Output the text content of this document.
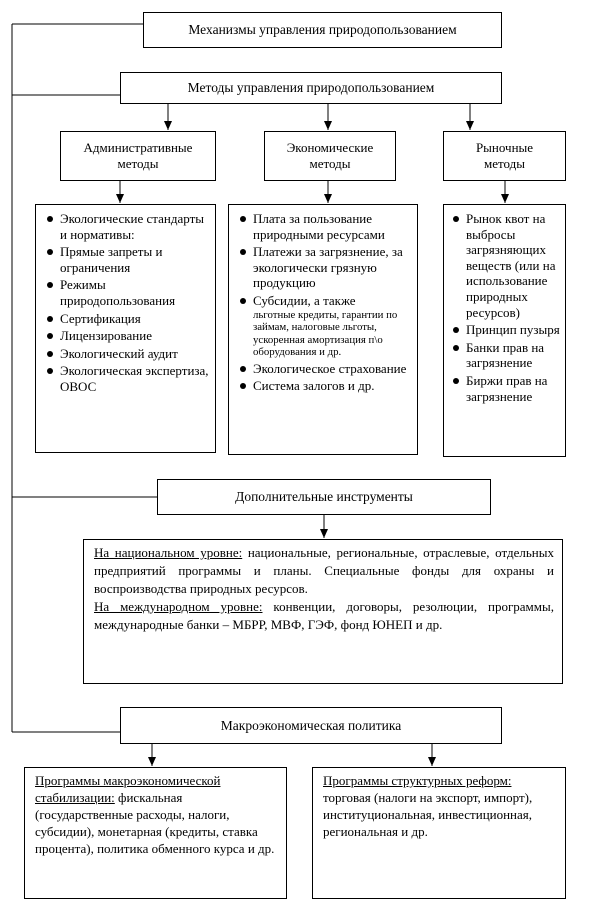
Механизмы управления природопользованием
Методы управления природопользованием
Административные методы
Экономические методы
Рыночные методы
Экологические стандарты и нормативы:
Прямые запреты и ограничения
Режимы природопользования
Сертификация
Лицензирование
Экологический аудит
Экологическая экспертиза, ОВОС
Плата за пользование природными ресурсами
Платежи за загрязнение, за экологически грязную продукцию
Субсидии, а также
льготные кредиты, гарантии по займам, налоговые льготы, ускоренная амортизация п\о оборудования и др.
Экологическое страхование
Система залогов и др.
Рынок квот на выбросы загрязняющих веществ (или на использование природных ресурсов)
Принцип пузыря
Банки прав на загрязнение
Биржи прав на загрязнение
Дополнительные инструменты

На национальном уровне: национальные, региональные, отраслевые, отдельных предприятий программы и планы. Специальные фонды для охраны и воспроизводства природных ресурсов.

На международном уровне: конвенции, договоры, резолюции, программы, международные банки – МБРР, МВФ, ГЭФ, фонд ЮНЕП и др.

Макроэкономическая политика
Программы макроэкономической стабилизации: фискальная (государственные расходы, налоги, субсидии), монетарная (кредиты, ставка процента), политика обменного курса и др.
Программы структурных реформ: торговая (налоги на экспорт, импорт), институциональная, инвестиционная, региональная и др.
